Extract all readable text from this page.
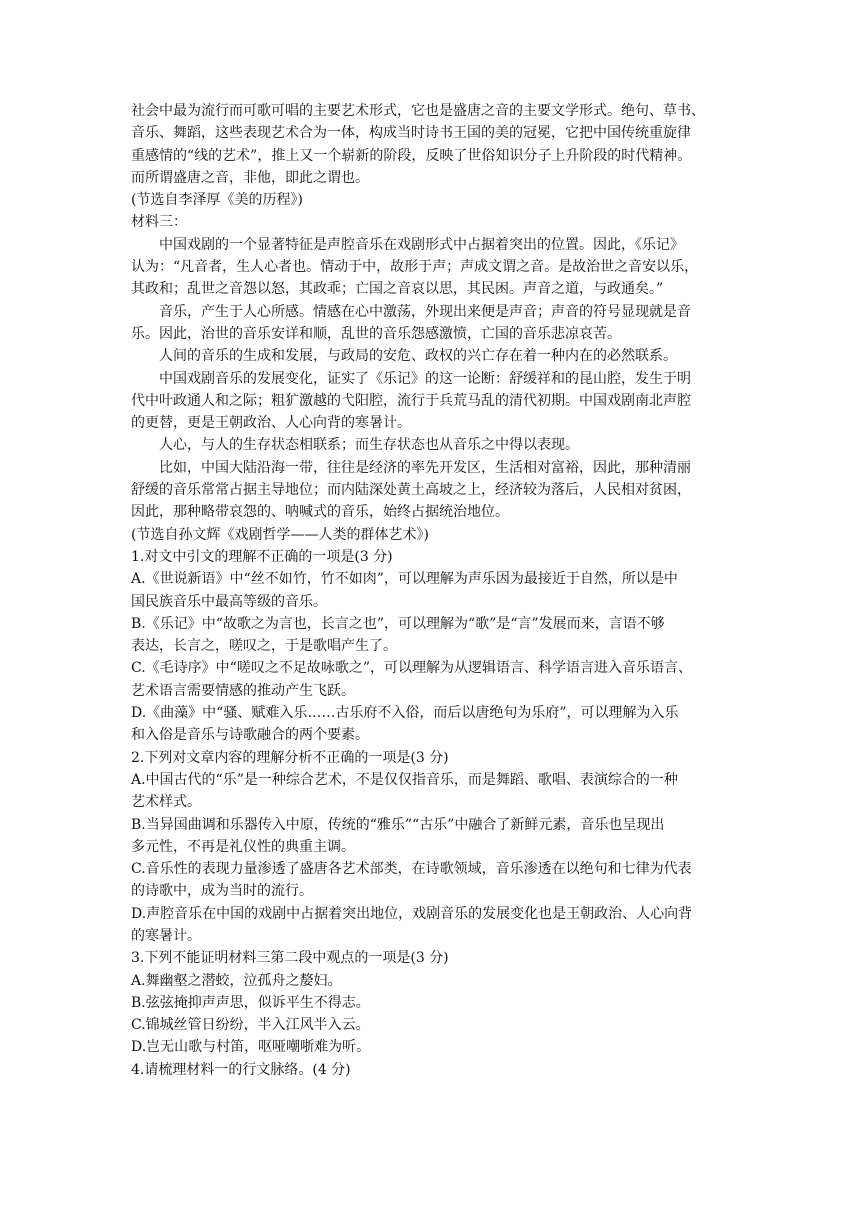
社会中最为流行而可歌可唱的主要艺术形式，它也是盛唐之音的主要文学形式。绝句、草书、
音乐、舞蹈，这些表现艺术合为一体，构成当时诗书王国的美的冠冕，它把中国传统重旋律
重感情的“线的艺术”，推上又一个崭新的阶段，反映了世俗知识分子上升阶段的时代精神。
而所谓盛唐之音，非他，即此之谓也。
(节选自李泽厚《美的历程》)
材料三：
中国戏剧的一个显著特征是声腔音乐在戏剧形式中占据着突出的位置。因此，《乐记》
认为：“凡音者，生人心者也。情动于中，故形于声；声成文谓之音。是故治世之音安以乐，
其政和；乱世之音怨以怒，其政乖；亡国之音哀以思，其民困。声音之道，与政通矣。”
音乐，产生于人心所感。情感在心中激荡，外现出来便是声音；声音的符号显现就是音
乐。因此，治世的音乐安详和顺，乱世的音乐怨感激愤，亡国的音乐悲凉哀苦。
人间的音乐的生成和发展，与政局的安危、政权的兴亡存在着一种内在的必然联系。
中国戏剧音乐的发展变化，证实了《乐记》的这一论断：舒缓祥和的昆山腔，发生于明
代中叶政通人和之际；粗犷激越的弋阳腔，流行于兵荒马乱的清代初期。中国戏剧南北声腔
的更替，更是王朝政治、人心向背的寒暑计。
人心，与人的生存状态相联系；而生存状态也从音乐之中得以表现。
比如，中国大陆沿海一带，往往是经济的率先开发区，生活相对富裕，因此，那种清丽
舒缓的音乐常常占据主导地位；而内陆深处黄土高坡之上，经济较为落后，人民相对贫困，
因此，那种略带哀怨的、呐喊式的音乐，始终占据统治地位。
(节选自孙文辉《戏剧哲学——人类的群体艺术》)
1.对文中引文的理解不正确的一项是(3 分)
A.《世说新语》中“丝不如竹，竹不如肉”，可以理解为声乐因为最接近于自然，所以是中
国民族音乐中最高等级的音乐。
B.《乐记》中“故歌之为言也，长言之也”，可以理解为“歌”是“言”发展而来，言语不够
表达，长言之，嗟叹之，于是歌唱产生了。
C.《毛诗序》中“嗟叹之不足故咏歌之”，可以理解为从逻辑语言、科学语言进入音乐语言、
艺术语言需要情感的推动产生飞跃。
D.《曲藻》中“骚、赋难入乐……古乐府不入俗，而后以唐绝句为乐府”，可以理解为入乐
和入俗是音乐与诗歌融合的两个要素。
2.下列对文章内容的理解分析不正确的一项是(3 分)
A.中国古代的“乐”是一种综合艺术，不是仅仅指音乐，而是舞蹈、歌唱、表演综合的一种
艺术样式。
B.当异国曲调和乐器传入中原，传统的“雅乐”“古乐”中融合了新鲜元素，音乐也呈现出
多元性，不再是礼仪性的典重主调。
C.音乐性的表现力量渗透了盛唐各艺术部类，在诗歌领域，音乐渗透在以绝句和七律为代表
的诗歌中，成为当时的流行。
D.声腔音乐在中国的戏剧中占据着突出地位，戏剧音乐的发展变化也是王朝政治、人心向背
的寒暑计。
3.下列不能证明材料三第二段中观点的一项是(3 分)
A.舞幽壑之潜蛟，泣孤舟之嫠妇。
B.弦弦掩抑声声思，似诉平生不得志。
C.锦城丝管日纷纷，半入江风半入云。
D.岂无山歌与村笛，呕哑嘲哳难为听。
4.请梳理材料一的行文脉络。(4 分)
